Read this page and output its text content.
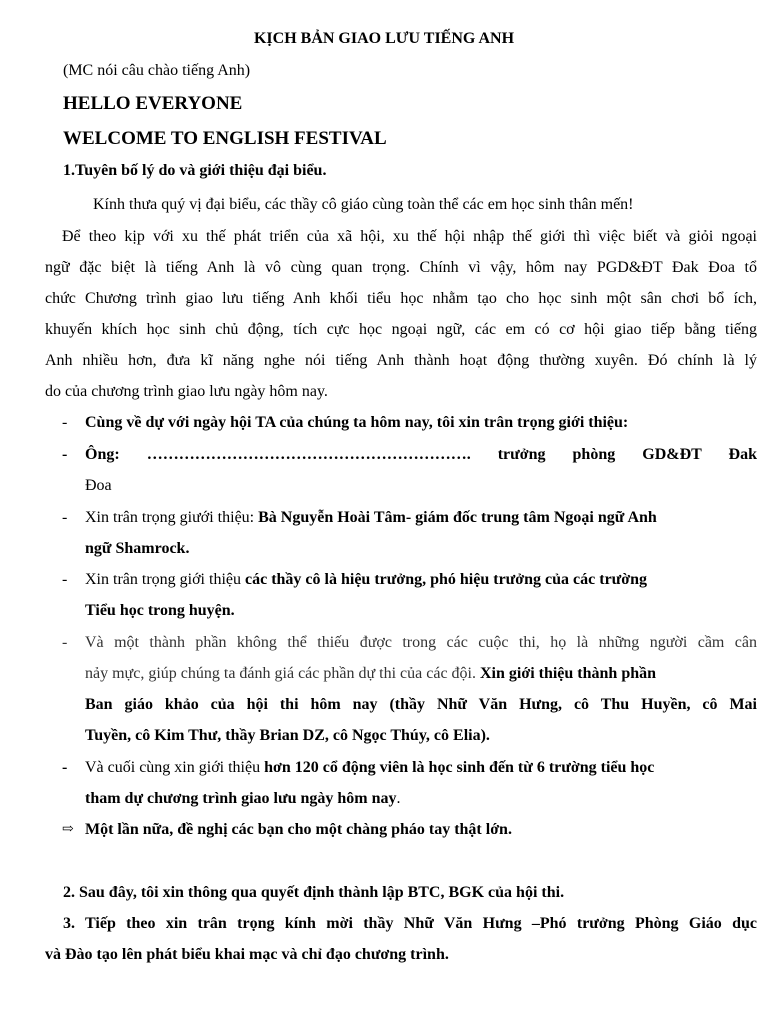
KỊCH BẢN GIAO LƯU TIẾNG ANH
(MC nói câu chào tiếng Anh)
HELLO EVERYONE
WELCOME TO ENGLISH FESTIVAL
1.Tuyên bố lý do và giới thiệu đại biểu.
Kính thưa quý vị đại biểu, các thầy cô giáo cùng toàn thể các em học sinh thân mến!
Để theo kịp với xu thế phát triển của xã hội, xu thế hội nhập thế giới thì việc biết và giỏi ngoại
ngữ đặc biệt là tiếng Anh là vô cùng quan trọng. Chính vì vậy, hôm nay PGD&ĐT Đak Đoa tổ
chức Chương trình giao lưu tiếng Anh khối tiểu học nhằm tạo cho học sinh một sân chơi bổ ích,
khuyến khích học sinh chủ động, tích cực học ngoại ngữ, các em có cơ hội giao tiếp bằng tiếng
Anh nhiều hơn, đưa kĩ năng nghe nói tiếng Anh thành hoạt động thường xuyên. Đó chính là lý
do của chương trình giao lưu ngày hôm nay.
- Cùng về dự với ngày hội TA của chúng ta hôm nay, tôi xin trân trọng giới thiệu:
- Ông: ……………………………………………………. trưởng phòng GD&ĐT Đak
Đoa
- Xin trân trọng giưới thiệu: Bà Nguyễn Hoài Tâm- giám đốc trung tâm Ngoại ngữ Anh
ngữ Shamrock.
- Xin trân trọng giới thiệu các thầy cô là hiệu trưởng, phó hiệu trưởng của các trường
Tiểu học trong huyện.
- Và một thành phần không thể thiếu được trong các cuộc thi, họ là những người cầm cân
nảy mực, giúp chúng ta đánh giá các phần dự thi của các đội. Xin giới thiệu thành phần
Ban giáo khảo của hội thi hôm nay (thầy Nhữ Văn Hưng, cô Thu Huyền, cô Mai
Tuyền, cô Kim Thư, thầy Brian DZ, cô Ngọc Thúy, cô Elia).
- Và cuối cùng xin giới thiệu hơn 120 cổ động viên là học sinh đến từ 6 trường tiểu học
tham dự chương trình giao lưu ngày hôm nay.
⇨ Một lần nữa, đề nghị các bạn cho một chàng pháo tay thật lớn.
2. Sau đây, tôi xin thông qua quyết định thành lập BTC, BGK của hội thi.
3. Tiếp theo xin trân trọng kính mời thầy Nhữ Văn Hưng –Phó trưởng Phòng Giáo dục
và Đào tạo lên phát biểu khai mạc và chỉ đạo chương trình.
